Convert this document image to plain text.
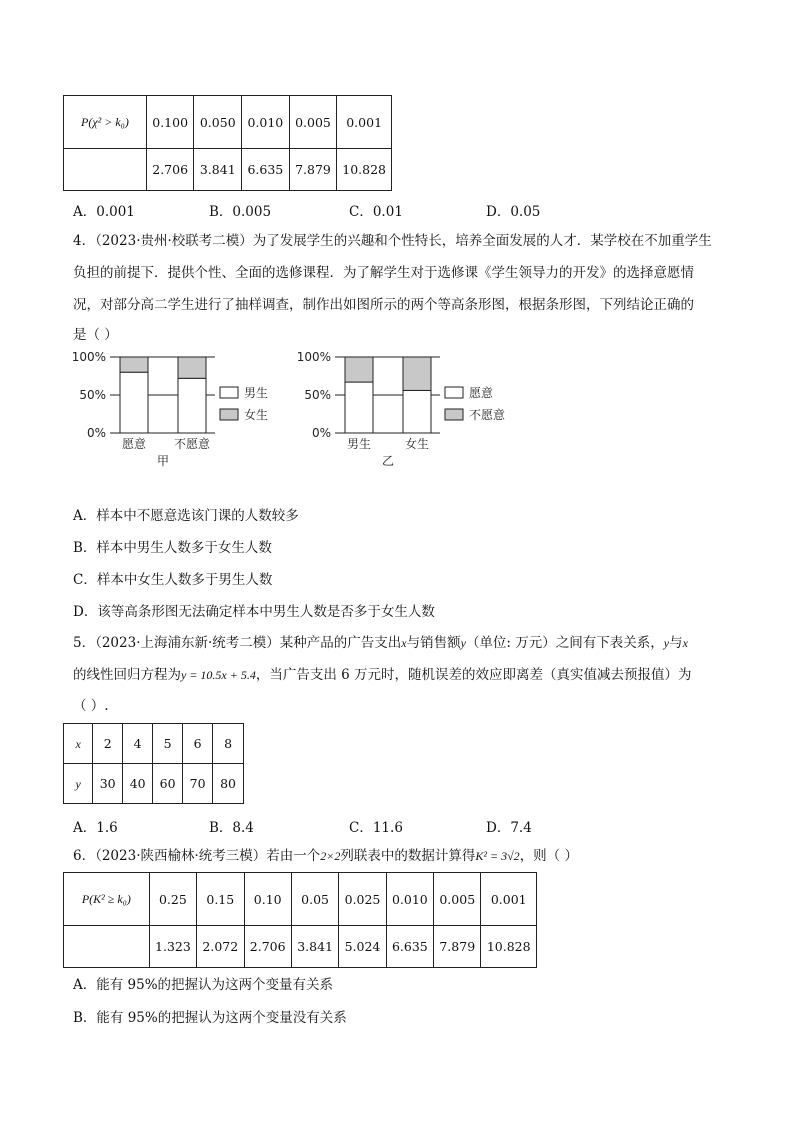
P(χ² > k₀)	0.100	0.050	0.010	0.005	0.001
	2.706	3.841	6.635	7.879	10.828
A．0.001	B．0.005	C．0.01	D．0.05
4．（2023·贵州·校联考二模）为了发展学生的兴趣和个性特长，培养全面发展的人才．某学校在不加重学生
负担的前提下．提供个性、全面的选修课程．为了解学生对于选修课《学生领导力的开发》的选择意愿情
况，对部分高二学生进行了抽样调查，制作出如图所示的两个等高条形图，根据条形图，下列结论正确的
是（ ）
0%
50%
100%
愿意 不愿意
甲
男生
女生
0%
50%
100%
男生	女生
乙
愿意
不愿意
A．样本中不愿意选该门课的人数较多
B．样本中男生人数多于女生人数
C．样本中女生人数多于男生人数
D．该等高条形图无法确定样本中男生人数是否多于女生人数
5．（2023·上海浦东新·统考二模）某种产品的广告支出x与销售额y（单位: 万元）之间有下表关系，y与x
的线性回归方程为y = 10.5x + 5.4，当广告支出 6 万元时，随机误差的效应即离差（真实值减去预报值）为
（ ）.
x	2	4	5	6	8
y	30	40	60	70	80
A．1.6	B．8.4	C．11.6	D．7.4
6．（2023·陕西榆林·统考三模）若由一个2×2列联表中的数据计算得K² = 3√2，则（ ）
P(K² ≥ k₀)	0.25	0.15	0.10	0.05	0.025	0.010	0.005	0.001
	1.323	2.072	2.706	3.841	5.024	6.635	7.879	10.828
A．能有 95%的把握认为这两个变量有关系
B．能有 95%的把握认为这两个变量没有关系
